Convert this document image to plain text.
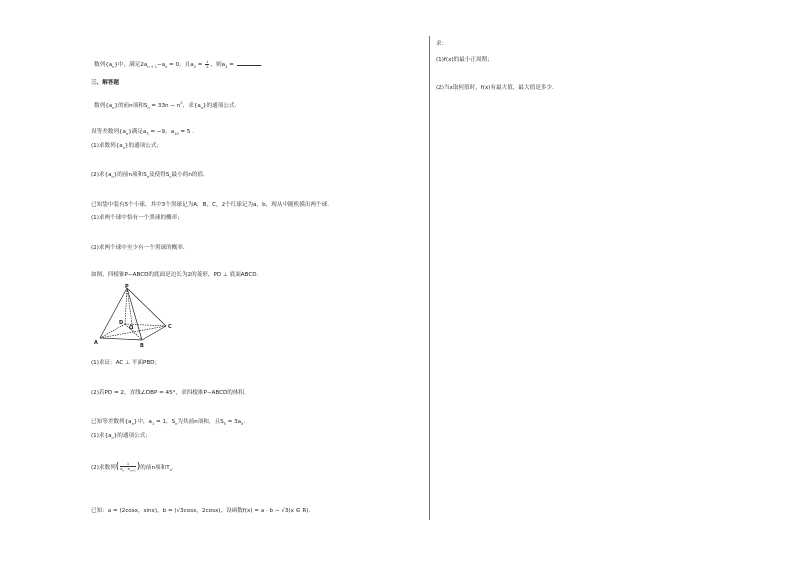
数列$\{a_n\}$中，满足$2a_{n + 1}-a_n = 0$，且$a_2 = \frac{1}{2}$，则$a_4$ =	.
三、解答题
数列$\{a_n\}$的前n项和$S_n = 33n - n^2$，求$\{a_n\}$的通项公式.
设等差数列$\{a_n\}$满足$a_3 = -9$，$a_{10} = 5$ .
(1)求数列$\{a_n\}$的通项公式；
(2)求$\{a_n\}$的前n项和$S_n$及使得$S_n$最小的n的值.
已知袋中装有5个小球，其中3个黑球记为A，B，C，2个红球记为a，b，现从中随机摸出两个球.
(1)求两个球中恰有一个黑球的概率；
(2)求两个球中至少有一个黑球的概率.
如图，四棱锥P−ABCD的底面是边长为2的菱形，PD ⊥ 底面ABCD.
P
A	B
C
D
O
(1)求证：AC ⊥ 平面PBD；
(2)若PD = 2，直线∠DBP = 45°，求四棱锥P−ABCD的体积.
已知等差数列$\{a_n\}$中，$a_1 = 1$，$S_n$为其前n项和，且$S_5 = 3a_5$.
(1)求$\{a_n\}$的通项公式；
(2)求数列( $\frac{1}{a_n \cdot a_{n+1}}$)的前n项和$T_n$.
已知：a = (2cosx，sinx)，b = (√3cosx，2cosx)，设函数f(x) = a · b − √3(x ∈ R).
求：
(1)f(x)的最小正周期；
(2)当x取何值时，f(x)有最大值，最大值是多少.
